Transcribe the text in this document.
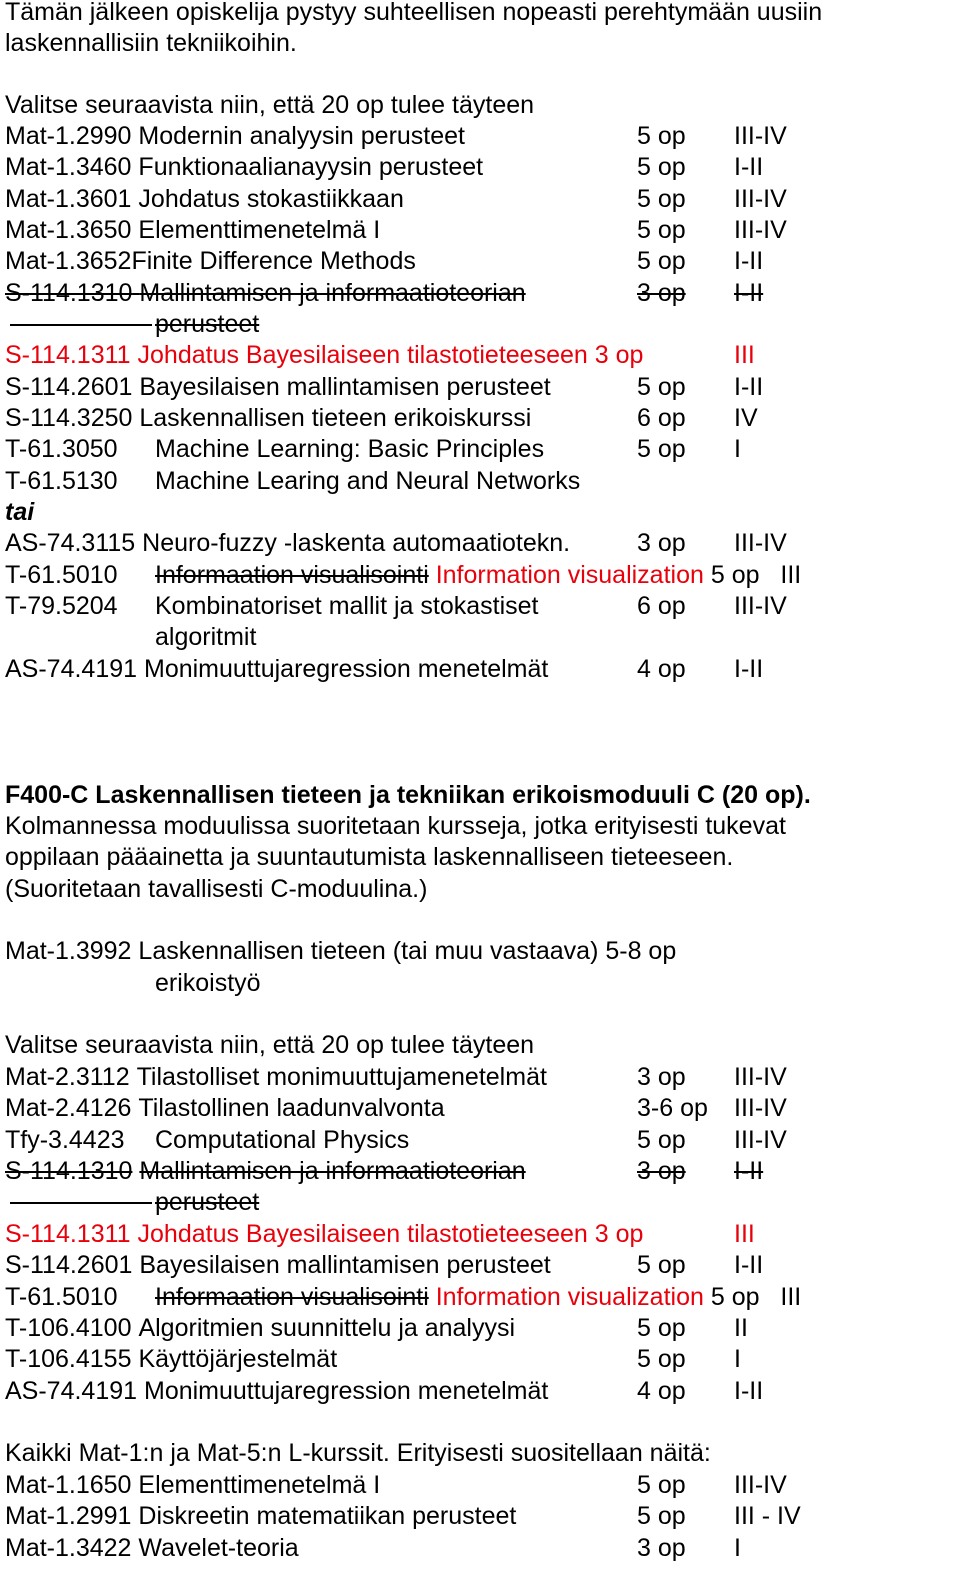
Tämän jälkeen opiskelija pystyy suhteellisen nopeasti perehtymään uusiin
laskennallisiin tekniikoihin.
Valitse seuraavista niin, että 20 op tulee täyteen
Mat-1.2990 Modernin analyysin perusteet	5 op III-IV
Mat-1.3460 Funktionaalianayysin perusteet	5 op I-II
Mat-1.3601 Johdatus stokastiikkaan	5 op III-IV
Mat-1.3650 Elementtimenetelmä I	5 op III-IV
Mat-1.3652Finite Difference Methods	5 op I-II
S-114.1310 Mallintamisen ja informaatioteorian	3 op I-II
perusteet
S-114.1311 Johdatus Bayesilaiseen tilastotieteeseen 3 op	III
S-114.2601 Bayesilaisen mallintamisen perusteet	5 op I-II
S-114.3250 Laskennallisen tieteen erikoiskurssi	6 op IV
T-61.3050 Machine Learning: Basic Principles	5 op I
T-61.5130 Machine Learing and Neural Networks
tai
AS-74.3115 Neuro-fuzzy -laskenta automaatiotekn.	3 op III-IV
T-61.5010 Informaation visualisointi Information visualization 5 op III
T-79.5204 Kombinatoriset mallit ja stokastiset	6 op III-IV
algoritmit
AS-74.4191 Monimuuttujaregression menetelmät	4 op I-II
F400-C Laskennallisen tieteen ja tekniikan erikoismoduuli C (20 op).
Kolmannessa moduulissa suoritetaan kursseja, jotka erityisesti tukevat
oppilaan pääainetta ja suuntautumista laskennalliseen tieteeseen.
(Suoritetaan tavallisesti C-moduulina.)
Mat-1.3992 Laskennallisen tieteen (tai muu vastaava) 5-8 op
erikoistyö
Valitse seuraavista niin, että 20 op tulee täyteen
Mat-2.3112 Tilastolliset monimuuttujamenetelmät	3 op III-IV
Mat-2.4126 Tilastollinen laadunvalvonta	3-6 op III-IV
Tfy-3.4423 Computational Physics	5 op III-IV
S-114.1310 Mallintamisen ja informaatioteorian	3 op I-II
perusteet
S-114.1311 Johdatus Bayesilaiseen tilastotieteeseen 3 op	III
S-114.2601 Bayesilaisen mallintamisen perusteet	5 op I-II
T-61.5010 Informaation visualisointi Information visualization 5 op III
T-106.4100 Algoritmien suunnittelu ja analyysi	5 op II
T-106.4155 Käyttöjärjestelmät	5 op I
AS-74.4191 Monimuuttujaregression menetelmät	4 op I-II
Kaikki Mat-1:n ja Mat-5:n L-kurssit. Erityisesti suositellaan näitä:
Mat-1.1650 Elementtimenetelmä I	5 op III-IV
Mat-1.2991 Diskreetin matematiikan perusteet	5 op III - IV
Mat-1.3422 Wavelet-teoria	3 op I
